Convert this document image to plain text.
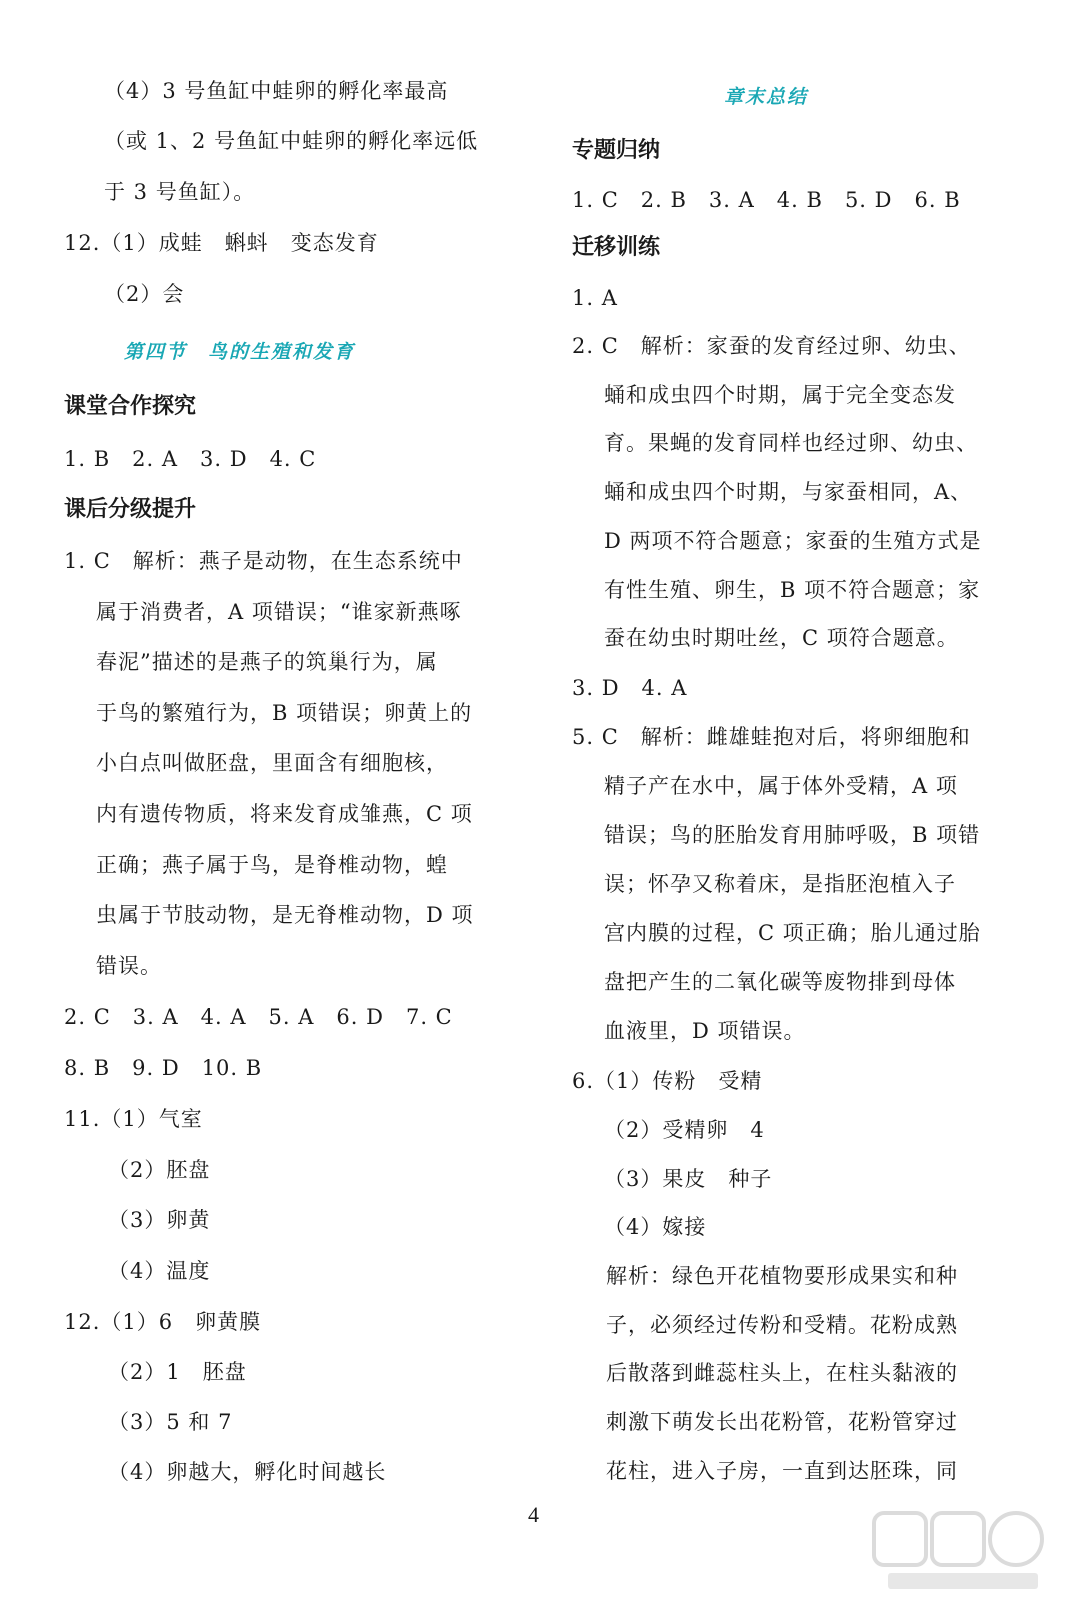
（4）3 号鱼缸中蛙卵的孵化率最高
（或 1、2 号鱼缸中蛙卵的孵化率远低
于 3 号鱼缸）。
12.（1）成蛙　蝌蚪　变态发育
（2）会
第四节　鸟的生殖和发育
课堂合作探究
1. B　2. A　3. D　4. C
课后分级提升
1. C　解析：燕子是动物，在生态系统中
属于消费者，A 项错误；“谁家新燕啄
春泥”描述的是燕子的筑巢行为，属
于鸟的繁殖行为，B 项错误；卵黄上的
小白点叫做胚盘，里面含有细胞核，
内有遗传物质，将来发育成雏燕，C 项
正确；燕子属于鸟，是脊椎动物，蝗
虫属于节肢动物，是无脊椎动物，D 项
错误。
2. C　3. A　4. A　5. A　6. D　7. C
8. B　9. D　10. B
11.（1）气室
（2）胚盘
（3）卵黄
（4）温度
12.（1）6　卵黄膜
（2）1　胚盘
（3）5 和 7
（4）卵越大，孵化时间越长
章末总结
专题归纳
1. C　2. B　3. A　4. B　5. D　6. B
迁移训练
1. A
2. C　解析：家蚕的发育经过卵、幼虫、
蛹和成虫四个时期，属于完全变态发
育。果蝇的发育同样也经过卵、幼虫、
蛹和成虫四个时期，与家蚕相同，A、
D 两项不符合题意；家蚕的生殖方式是
有性生殖、卵生，B 项不符合题意；家
蚕在幼虫时期吐丝，C 项符合题意。
3. D　4. A
5. C　解析：雌雄蛙抱对后，将卵细胞和
精子产在水中，属于体外受精，A 项
错误；鸟的胚胎发育用肺呼吸，B 项错
误；怀孕又称着床，是指胚泡植入子
宫内膜的过程，C 项正确；胎儿通过胎
盘把产生的二氧化碳等废物排到母体
血液里，D 项错误。
6.（1）传粉　受精
（2）受精卵　4
（3）果皮　种子
（4）嫁接
解析：绿色开花植物要形成果实和种
子，必须经过传粉和受精。花粉成熟
后散落到雌蕊柱头上，在柱头黏液的
刺激下萌发长出花粉管，花粉管穿过
花柱，进入子房，一直到达胚珠，同
4
